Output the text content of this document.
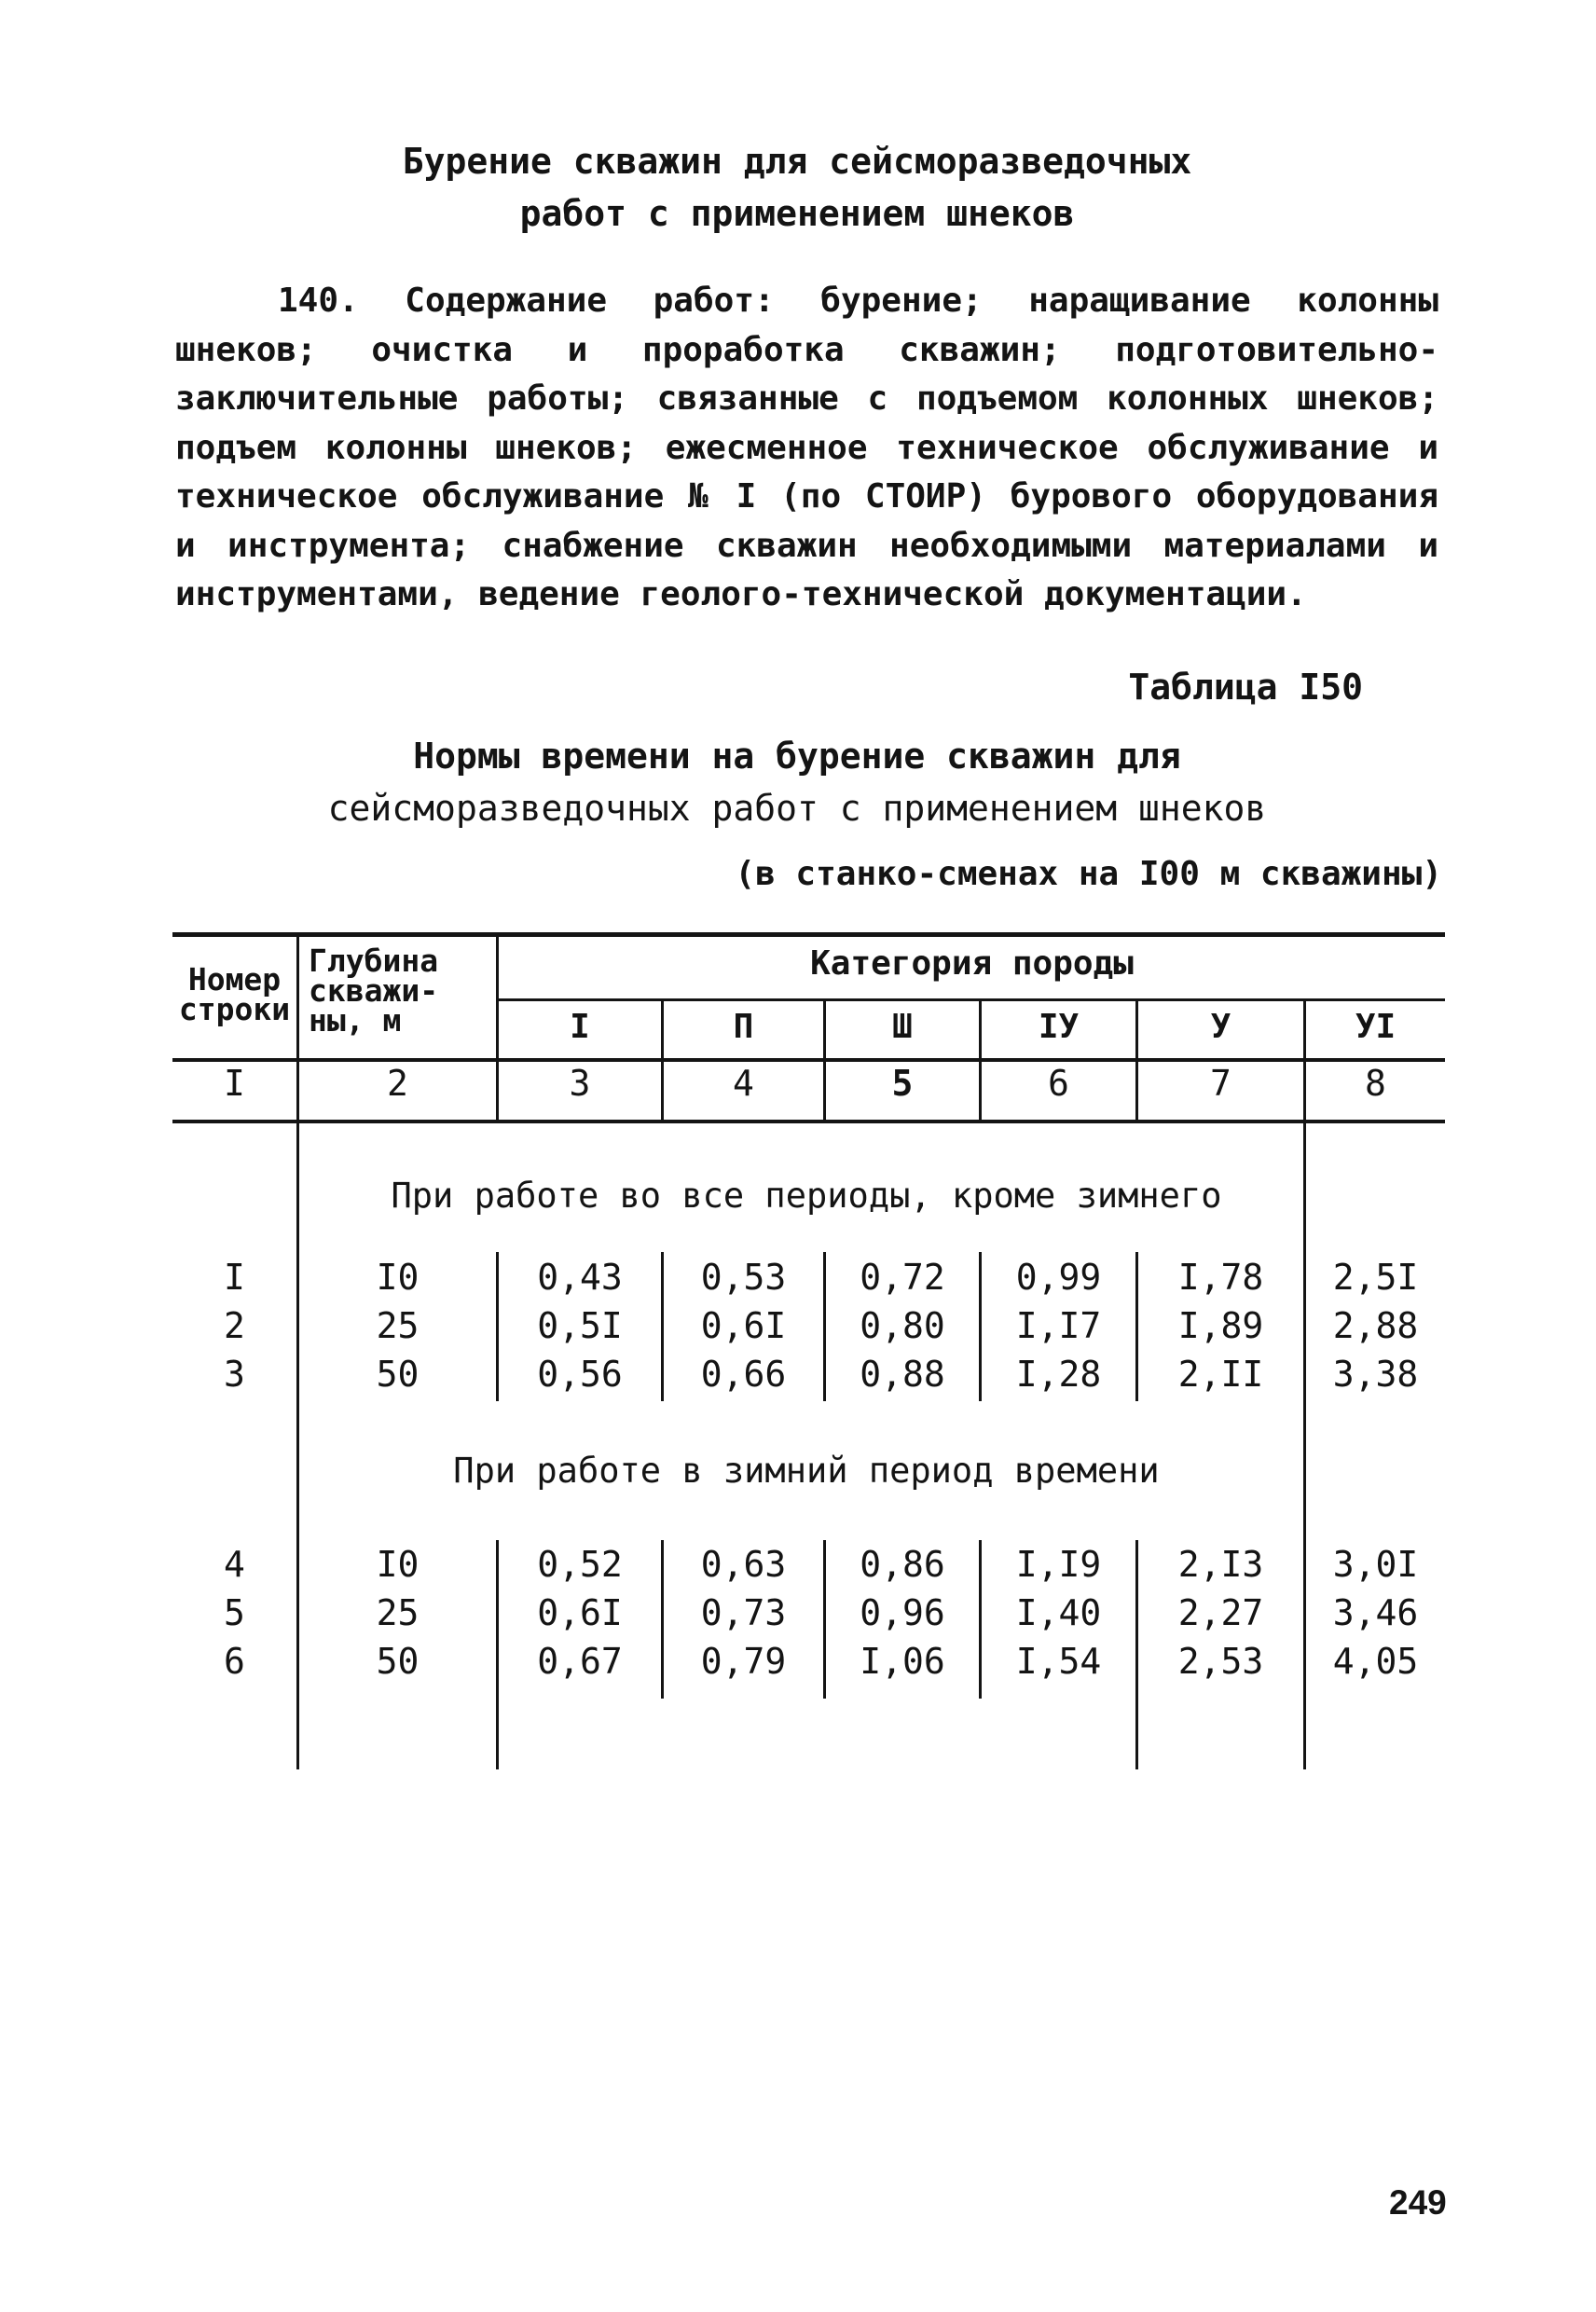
Бурение скважин для сейсморазведочных
работ с применением шнеков
140. Содержание работ: бурение; наращивание колонны шнеков; очистка и проработка скважин; подготовительно-заключительные работы; связанные с подъемом колонных шнеков; подъем колонны шнеков; ежесменное техническое обслуживание и техническое обслуживание № I (по СТОИР) бурового оборудования и инструмента; снабжение скважин необходимыми материалами и инструментами, ведение геолого-технической документации.
Таблица I50
Нормы времени на бурение скважин для
сейсморазведочных работ с применением шнеков
(в станко-сменах на I00 м скважины)
Номер
строки
Глубина
скважи-
ны, м
Категория породы
I	П	Ш	IУ	У	УI
I	2	3	4	5	6	7	8
При работе во все периоды, кроме зимнего
При работе в зимний период времени
I	I0	0,43	0,53	0,72	0,99	I,78	2,5I
2	25	0,5I	0,6I	0,80	I,I7	I,89	2,88
3	50	0,56	0,66	0,88	I,28	2,II	3,38
4	I0	0,52	0,63	0,86	I,I9	2,I3	3,0I
5	25	0,6I	0,73	0,96	I,40	2,27	3,46
6	50	0,67	0,79	I,06	I,54	2,53	4,05
249
